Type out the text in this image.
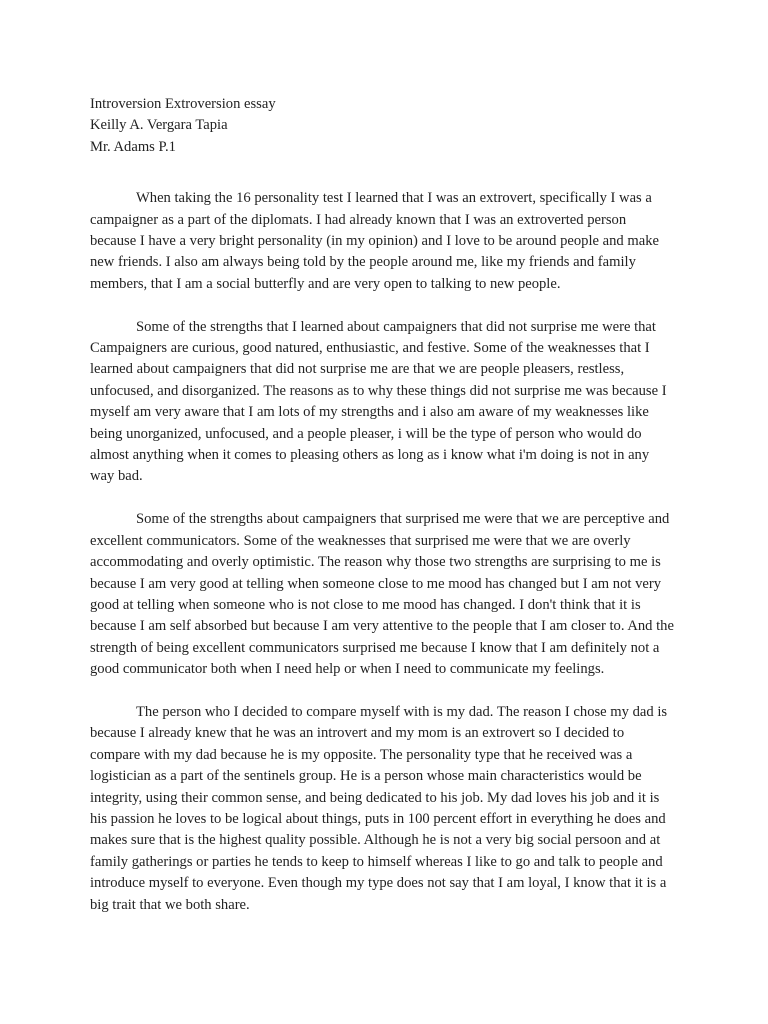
Introversion Extroversion essay

Keilly A. Vergara Tapia

Mr. Adams P.1

When taking the 16 personality test I learned that I was an extrovert, specifically I was a campaigner as a part of the diplomats. I had already known that I was an extroverted person because I have a very bright personality (in my opinion) and I love to be around people and make new friends. I also am always being told by the people around me, like my friends and family members, that I am a social butterfly and are very open to talking to new people.

Some of the strengths that I learned about campaigners that did not surprise me were that Campaigners are curious, good natured, enthusiastic, and festive. Some of the weaknesses that I learned about campaigners that did not surprise me are that we are people pleasers, restless, unfocused, and disorganized. The reasons as to why these things did not surprise me was because I myself am very aware that I am lots of my strengths and i also am aware of my weaknesses like being unorganized, unfocused, and a people pleaser, i will be the type of person who would do almost anything when it comes to pleasing others as long as i know what i'm doing is not in any way bad.

Some of the strengths about campaigners that surprised me were that we are perceptive and excellent communicators. Some of the weaknesses that surprised me were that we are overly accommodating and overly optimistic. The reason why those two strengths are surprising to me is because I am very good at telling when someone close to me mood has changed but I am not very good at telling when someone who is not close to me mood has changed. I don't think that it is because I am self absorbed but because I am very attentive to the people that I am closer to. And the strength of being excellent communicators surprised me because I know that I am definitely not a good communicator both when I need help or when I need to communicate my feelings.

The person who I decided to compare myself with is my dad. The reason I chose my dad is because I already knew that he was an introvert and my mom is an extrovert so I decided to compare with my dad because he is my opposite. The personality type that he received was a logistician as a part of the sentinels group. He is a person whose main characteristics would be integrity, using their common sense, and being dedicated to his job. My dad loves his job and it is his passion he loves to be logical about things, puts in 100 percent effort in everything he does and makes sure that is the highest quality possible. Although he is not a very big social persoon and at family gatherings or parties he tends to keep to himself whereas I like to go and talk to people and introduce myself to everyone. Even though my type does not say that I am loyal, I know that it is a big trait that we both share.
